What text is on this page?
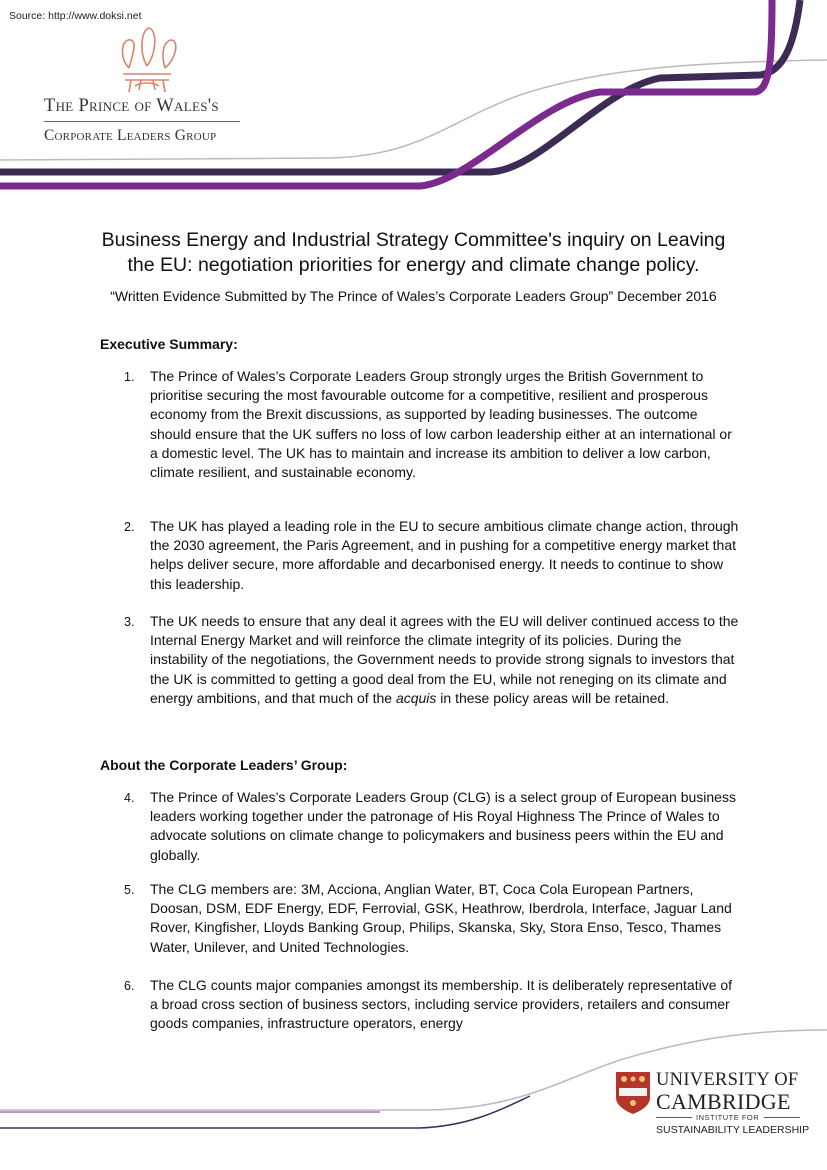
Source: http://www.doksi.net
The Prince of Wales's
Corporate Leaders Group
Business Energy and Industrial Strategy Committee's inquiry on Leaving the EU: negotiation priorities for energy and climate change policy.
“Written Evidence Submitted by The Prince of Wales’s Corporate Leaders Group” December 2016
Executive Summary:
1.	The Prince of Wales’s Corporate Leaders Group strongly urges the British Government to prioritise securing the most favourable outcome for a competitive, resilient and prosperous economy from the Brexit discussions, as supported by leading businesses. The outcome should ensure that the UK suffers no loss of low carbon leadership either at an international or a domestic level. The UK has to maintain and increase its ambition to deliver a low carbon, climate resilient, and sustainable economy.
2.	The UK has played a leading role in the EU to secure ambitious climate change action, through the 2030 agreement, the Paris Agreement, and in pushing for a competitive energy market that helps deliver secure, more affordable and decarbonised energy. It needs to continue to show this leadership.
3.	The UK needs to ensure that any deal it agrees with the EU will deliver continued access to the Internal Energy Market and will reinforce the climate integrity of its policies. During the instability of the negotiations, the Government needs to provide strong signals to investors that the UK is committed to getting a good deal from the EU, while not reneging on its climate and energy ambitions, and that much of the acquis in these policy areas will be retained.
About the Corporate Leaders’ Group:
4.	The Prince of Wales’s Corporate Leaders Group (CLG) is a select group of European business leaders working together under the patronage of His Royal Highness The Prince of Wales to advocate solutions on climate change to policymakers and business peers within the EU and globally.
5.	The CLG members are: 3M, Acciona, Anglian Water, BT, Coca Cola European Partners, Doosan, DSM, EDF Energy, EDF, Ferrovial, GSK, Heathrow, Iberdrola, Interface, Jaguar Land Rover, Kingfisher, Lloyds Banking Group, Philips, Skanska, Sky, Stora Enso, Tesco, Thames Water, Unilever, and United Technologies.
6.	The CLG counts major companies amongst its membership. It is deliberately representative of a broad cross section of business sectors, including service providers, retailers and consumer goods companies, infrastructure operators, energy
UNIVERSITY OF
CAMBRIDGE
INSTITUTE FOR
SUSTAINABILITY LEADERSHIP
